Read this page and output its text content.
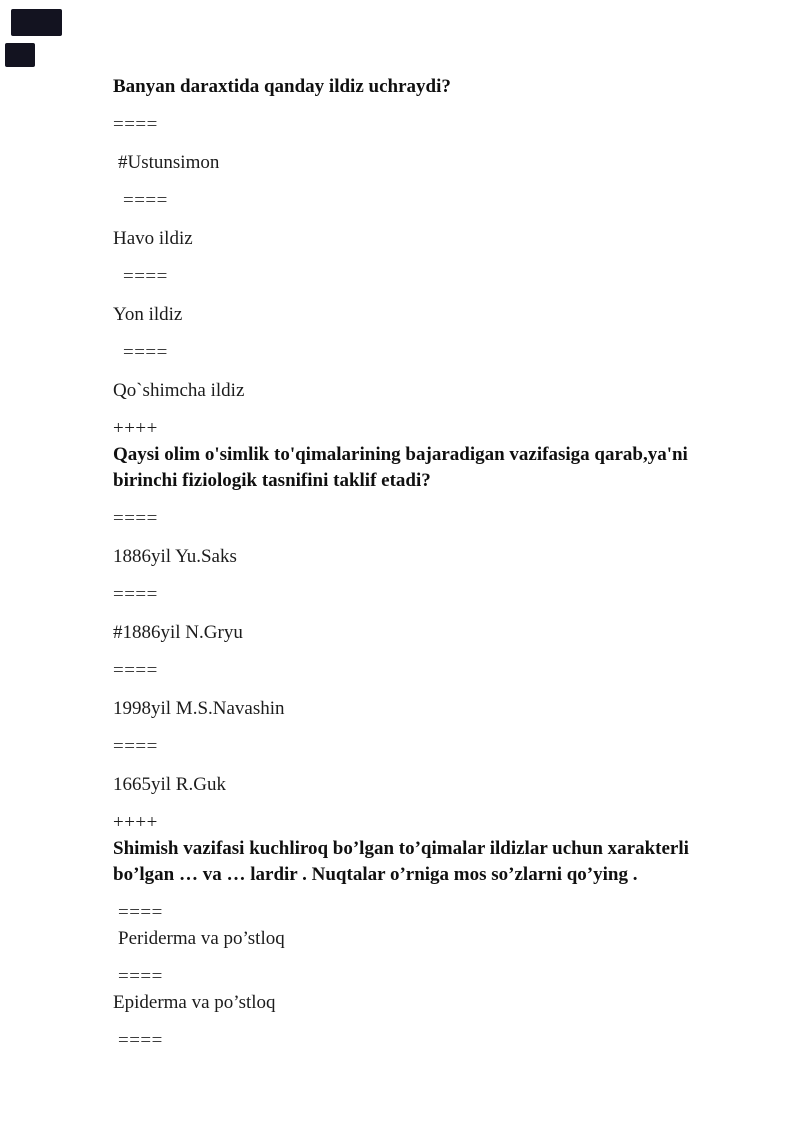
Banyan daraxtida qanday ildiz uchraydi?

====

#Ustunsimon

====

Havo ildiz

====

Yon ildiz

====

Qo`shimcha ildiz

++++

Qaysi olim o'simlik to'qimalarining bajaradigan vazifasiga qarab,ya'ni

birinchi fiziologik tasnifini taklif etadi?

====

1886yil Yu.Saks

====

#1886yil N.Gryu

====

1998yil M.S.Navashin

====

1665yil R.Guk

++++

Shimish vazifasi kuchliroq bo’lgan to’qimalar ildizlar uchun xarakterli

bo’lgan … va … lardir . Nuqtalar o’rniga mos so’zlarni qo’ying .

====

Periderma va po’stloq

====

Epiderma va po’stloq

====
